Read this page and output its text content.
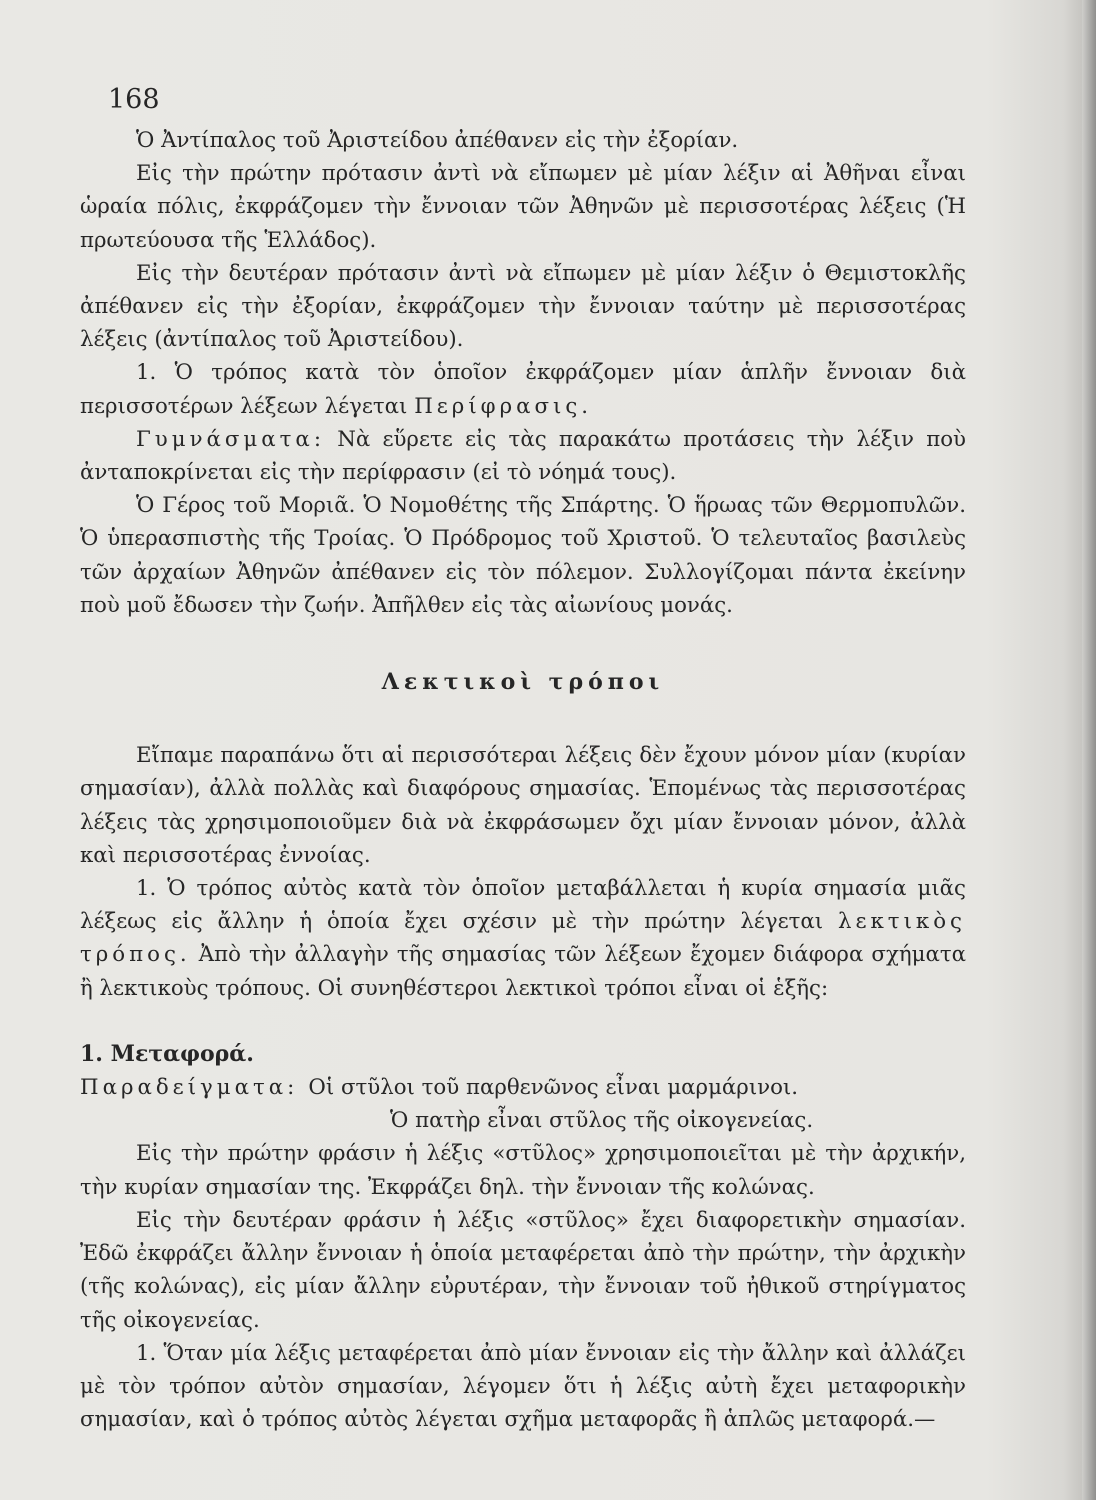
168

Ὁ Ἀντίπαλος τοῦ Ἀριστείδου ἀπέθανεν εἰς τὴν ἐξορίαν.

Εἰς τὴν πρώτην πρότασιν ἀντὶ νὰ εἴπωμεν μὲ μίαν λέξιν αἱ Ἀθῆναι εἶναι ὡραία πόλις, ἐκφράζομεν τὴν ἔννοιαν τῶν Ἀθηνῶν μὲ περισσοτέρας λέξεις (Ἡ πρωτεύουσα τῆς Ἑλλάδος).

Εἰς τὴν δευτέραν πρότασιν ἀντὶ νὰ εἴπωμεν μὲ μίαν λέξιν ὁ Θεμιστοκλῆς ἀπέθανεν εἰς τὴν ἐξορίαν, ἐκφράζομεν τὴν ἔννοιαν ταύτην μὲ περισσοτέρας λέξεις (ἀντίπαλος τοῦ Ἀριστείδου).

1. Ὁ τρόπος κατὰ τὸν ὁποῖον ἐκφράζομεν μίαν ἁπλῆν ἔννοιαν διὰ περισσοτέρων λέξεων λέγεται Περίφρασις.

Γυμνάσματα: Νὰ εὕρετε εἰς τὰς παρακάτω προτάσεις τὴν λέξιν ποὺ ἀνταποκρίνεται εἰς τὴν περίφρασιν (εἰ τὸ νόημά τους).

Ὁ Γέρος τοῦ Μοριᾶ. Ὁ Νομοθέτης τῆς Σπάρτης. Ὁ ἥρωας τῶν Θερμοπυλῶν. Ὁ ὑπερασπιστὴς τῆς Τροίας. Ὁ Πρόδρομος τοῦ Χριστοῦ. Ὁ τελευταῖος βασιλεὺς τῶν ἀρχαίων Ἀθηνῶν ἀπέθανεν εἰς τὸν πόλεμον. Συλλογίζομαι πάντα ἐκείνην ποὺ μοῦ ἔδωσεν τὴν ζωήν. Ἀπῆλθεν εἰς τὰς αἰωνίους μονάς.

Λεκτικοὶ τρόποι

Εἴπαμε παραπάνω ὅτι αἱ περισσότεραι λέξεις δὲν ἔχουν μόνον μίαν (κυρίαν σημασίαν), ἀλλὰ πολλὰς καὶ διαφόρους σημασίας. Ἑπομένως τὰς περισσοτέρας λέξεις τὰς χρησιμοποιοῦμεν διὰ νὰ ἐκφράσωμεν ὄχι μίαν ἔννοιαν μόνον, ἀλλὰ καὶ περισσοτέρας ἐννοίας.

1. Ὁ τρόπος αὐτὸς κατὰ τὸν ὁποῖον μεταβάλλεται ἡ κυρία σημασία μιᾶς λέξεως εἰς ἄλλην ἡ ὁποία ἔχει σχέσιν μὲ τὴν πρώτην λέγεται λεκτικὸς τρόπος. Ἀπὸ τὴν ἀλλαγὴν τῆς σημασίας τῶν λέξεων ἔχομεν διάφορα σχήματα ἢ λεκτικοὺς τρόπους. Οἱ συνηθέστεροι λεκτικοὶ τρόποι εἶναι οἱ ἑξῆς:

1. Μεταφορά.
Παραδείγματα: Οἱ στῦλοι τοῦ παρθενῶνος εἶναι μαρμάρινοι.
Ὁ πατὴρ εἶναι στῦλος τῆς οἰκογενείας.

Εἰς τὴν πρώτην φράσιν ἡ λέξις «στῦλος» χρησιμοποιεῖται μὲ τὴν ἀρχικήν, τὴν κυρίαν σημασίαν της. Ἐκφράζει δηλ. τὴν ἔννοιαν τῆς κολώνας.

Εἰς τὴν δευτέραν φράσιν ἡ λέξις «στῦλος» ἔχει διαφορετικὴν σημασίαν. Ἐδῶ ἐκφράζει ἄλλην ἔννοιαν ἡ ὁποία μεταφέρεται ἀπὸ τὴν πρώτην, τὴν ἀρχικὴν (τῆς κολώνας), εἰς μίαν ἄλλην εὐρυτέραν, τὴν ἔννοιαν τοῦ ἠθικοῦ στηρίγματος τῆς οἰκογενείας.

1. Ὅταν μία λέξις μεταφέρεται ἀπὸ μίαν ἔννοιαν εἰς τὴν ἄλλην καὶ ἀλλάζει μὲ τὸν τρόπον αὐτὸν σημασίαν, λέγομεν ὅτι ἡ λέξις αὐτὴ ἔχει μεταφορικὴν σημασίαν, καὶ ὁ τρόπος αὐτὸς λέγεται σχῆμα μεταφορᾶς ἢ ἁπλῶς μεταφορά.—
